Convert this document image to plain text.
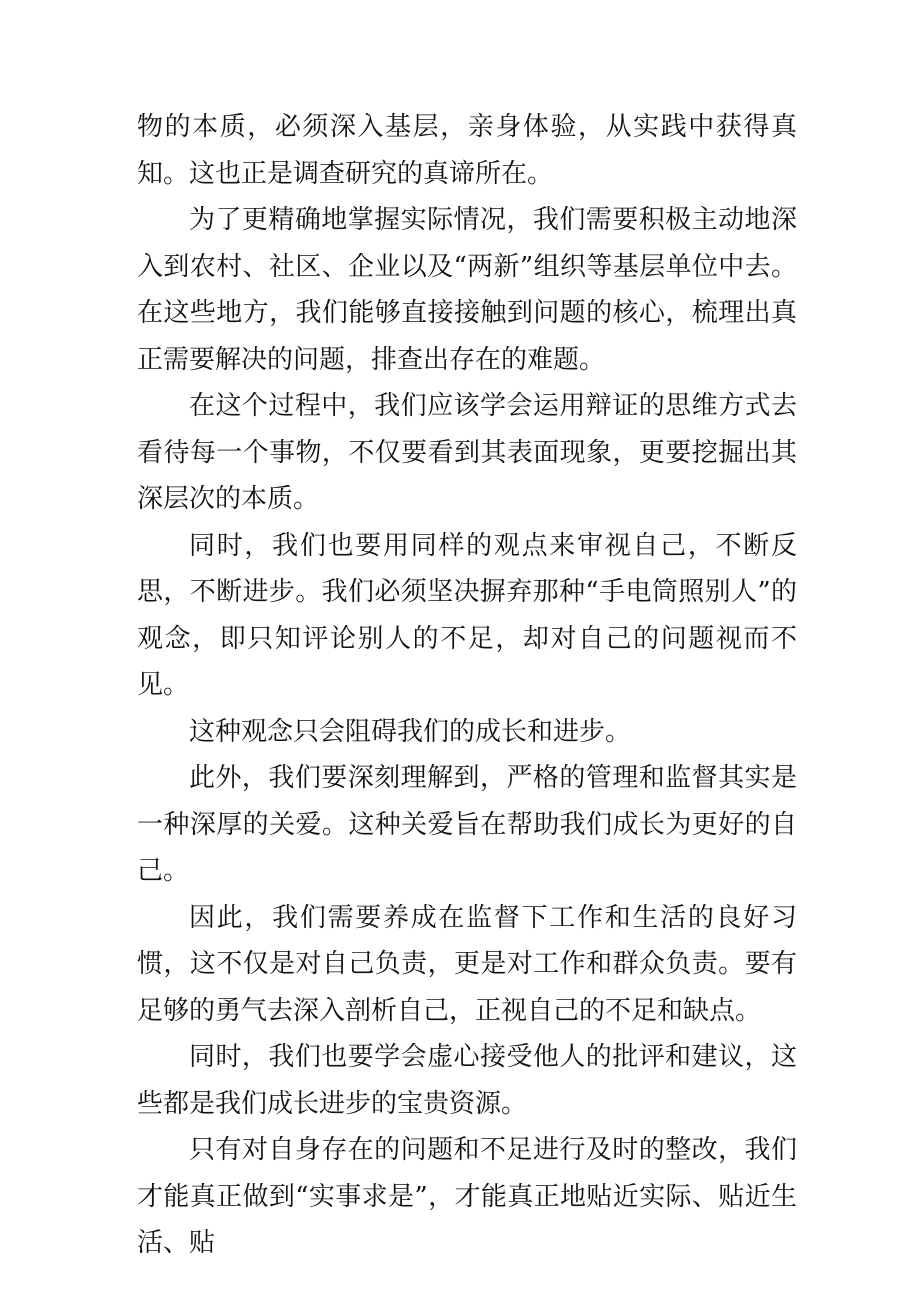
物的本质，必须深入基层，亲身体验，从实践中获得真知。这也正是调查研究的真谛所在。

为了更精确地掌握实际情况，我们需要积极主动地深入到农村、社区、企业以及“两新”组织等基层单位中去。在这些地方，我们能够直接接触到问题的核心，梳理出真正需要解决的问题，排查出存在的难题。

在这个过程中，我们应该学会运用辩证的思维方式去看待每一个事物，不仅要看到其表面现象，更要挖掘出其深层次的本质。

同时，我们也要用同样的观点来审视自己，不断反思，不断进步。我们必须坚决摒弃那种“手电筒照别人”的观念，即只知评论别人的不足，却对自己的问题视而不见。

这种观念只会阻碍我们的成长和进步。

此外，我们要深刻理解到，严格的管理和监督其实是一种深厚的关爱。这种关爱旨在帮助我们成长为更好的自己。

因此，我们需要养成在监督下工作和生活的良好习惯，这不仅是对自己负责，更是对工作和群众负责。要有足够的勇气去深入剖析自己，正视自己的不足和缺点。

同时，我们也要学会虚心接受他人的批评和建议，这些都是我们成长进步的宝贵资源。

只有对自身存在的问题和不足进行及时的整改，我们才能真正做到“实事求是”，才能真正地贴近实际、贴近生活、贴
